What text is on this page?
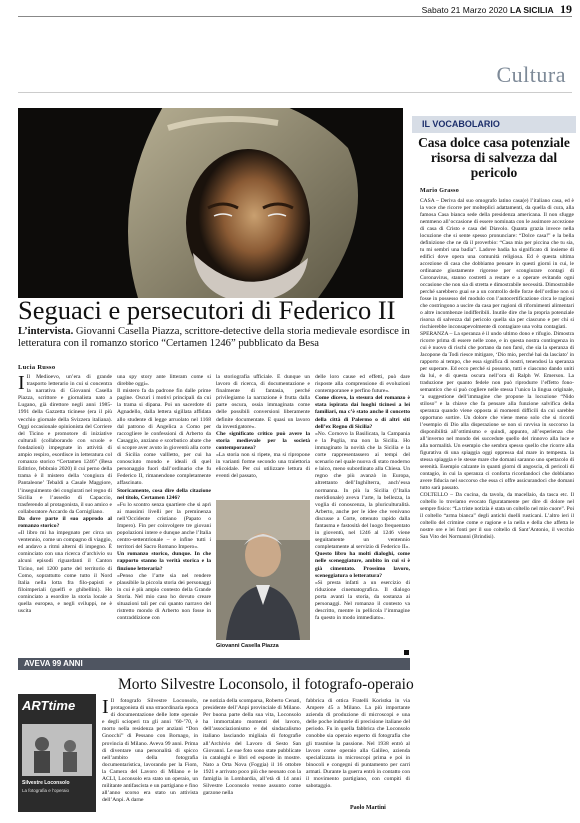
Sabato 21 Marzo 2020 LA SICILIA 19
Cultura
Seguaci e persecutori di Federico II
L’intervista. Giovanni Casella Piazza, scrittore-detective della storia medievale esordisce in letteratura con il romanzo storico “Certamen 1246” pubblicato da Besa
Lucia Russo

I Il Medioevo, un’era di grande trasporto letterario in cui si concentra la narrativa di Giovanni Casella Piazza, scrittore e giornalista nato a Lugano, già direttore negli anni 1985-1991 della Gazzetta ticinese (era il più vecchio giornale della Svizzera italiana). Oggi occasionale opinionista del Corriere del Ticino e promotore di iniziative culturali (collaborando con scuole e fondazioni) impegnate in attività di ampio respiro, esordisce in letteratura col romanzo storico “Certamen 1246” (Besa Editrice, febbraio 2020) il cui perno della trama è il mistero della ‘congiura di Pantaleone’ Tebaldi a Casale Maggiore, l’inseguimento dei congiurati nel regno di Sicilia e l’assedio di Capaccio, trasferendo al protagonista, il suo amico e collaboratore Accardo da Cornigliano.

Da dove parte il suo approdo al romanzo storico?

«Il libro mi ha impegnato per circa un ventennio, come un compagno di viaggio, ed andavo a ritmi alterni di impegno. È cominciato con una ricerca d’archivio su alcuni episodi riguardanti il Canton Ticino, nel 1200 parte del territorio di Como, soprattutto come tutto il Nord Italia nella lotta fra filo-papisti e filoimperiali (guelfi e ghibellini). Ho cominciato a esordire la storia locale a quella europea, e negli sviluppi, ne è uscita

una spy story ante litteram come si direbbe oggi».

Il mistero fa da padrone fin dalle prime pagine. Oscuri i motivi principali da cui la trama si dipana. Poi un sacerdote di Agnadello, dalla lettera sigillata affidata allo studente di legge arruolato nel 1168 dal patrono di Angelica a Como per raccogliere le confessioni di Arberto da Casaggio, anziano e scorbutico abate che si scopre aver avuto in gioventù alla corte di Sicilia come vallletto, per cui ha conosciuto mondo e ideali di quel personaggio fuori dall’ordinario che fu Federico II, rimanendone completamente affascinato.

Storicamente, cosa dire della citazione nel titolo, Certamen 1246?

«Fu lo scontro senza quartiere che si aprì ai massimi livelli per la preminenza nell’Occidente cristiano (Papato o Impero). Fin per coinvolgere tre giovani popolazioni intere e dunque anche l’Italia centro-settentrionale – e infine tutti i territori del Sacro Romano Impero».

Un romanzo storico, dunque. In che rapporto stanno la verità storica e la finzione letteraria?

«Penso che l’arte sia nel rendere plausibile la piccola storia dei personaggi in cui è più ampio contesto della Grande Storia. Nel mio caso ho dovuto creare situazioni tali per cui quanto narravo del ristretto mondo di Arberto non fosse in contraddizione con

la storiografia ufficiale. È dunque un lavoro di ricerca, di documentazione e finalmente di fantasia, perché privilegiamo la narrazione è frutta dalla parte oscura, ossia immaginata come delle possibili conversioni liberamente definite documentate. E quasi un lavoro da investigatore».

Che significato critico può avere la storia medievale per la società contemporanea?

«La storia non si ripete, ma si ripropone in varianti forme secondo una traiettoria elicoidale. Per cui utilizzare lettura di eventi del passato,

delle loro cause ed effetti, può dare risposte alla comprensione di evoluzioni contemporanee e perfino future».

Come dicevo, la stesura del romanzo è stata ispirata dai luoghi ticinesi a lei familiari, ma c’è stato anche il concetto della città di Palermo o di altri siti dell’ex Regno di Sicilia?

«No. Cornovo la Basilicata, la Campania e la Puglia, ma non la Sicilia. Ho immaginato la novità che la Sicilia e la corte rappresentassero ai tempi del scenario nel quale nuova di stato moderno e laico, meno subordinato alla Chiesa. Un regno che più avanzò in Europa, altrettanto dell’Inghilterra, anch’essa normanna. In più la Sicilia (l’Italia meridionale) aveva l’arte, la bellezza, la voglia di conoscenza, la pluriculturalità. Arberto, anche per le idee che venivano discusse a Corte, ottenuto rapido dalla fantasma e fastosità del luogo frequentato in gioventù, nel 1246 al 1246 viene seguitamente un ventennio completamente al servizio di Federico II».

Questo libro ha molti dialoghi, come nelle sceneggiature, ambito in cui si è già cimentato. Prossimo lavoro, sceneggiatura o letteratura?

«Si presta infatti a un esercizio di riduzione cinematografica. Il dialogo porta avanti la storia, da sostanza ai personaggi. Nel romanzo il contesto va descritto, mentre in pellicola l’immagine fa questo in modo immediato».

Giovanni Casella Piazza
IL VOCABOLARIO
Casa dolce casa potenziale risorsa di salvezza dal pericolo
Mario Grasso

CASA – Deriva dal suo omografo latino casa(e) l’italiano casa, ed è la voce che ricorre per molteplici adattamenti, da quella di cura, alla famosa Casa bianca sede della presidenza americana. Il non sfugge nemmeno all’occasione di essere nominata con le assimore accezione di casa di Cristo e casa del Diavolo. Quanta grazia invece nella locuzione che si sente spesso pronunciare: “Dolce casa!” e la bella definizione che ne dà il proverbio: “Casa mia per piccina che tu sia, tu mi sembri una badìa”. Ladove badia ha significato di insieme di edifici dove opera una comunità religiosa. Ed è questa ultima accezione di casa che dobbiamo pensare in questi giorni in cui, le ordinanze giustamente rigorose per scongiurare contagi di Coronavirus, stanno costretti a restare e a operare evitando ogni occasione che non sia di stretta e dimostrabile necessità. Dimostrabile perché sarebbero guai se a un controllo delle forze dell’ordine non si fosse in possesso del modulo con l’autocertificazione circa le ragioni che costringono a uscire da casa per ragioni di rifornimenti alimentari o altre incombenze indifferibili. Inutile dire che la propria potenziale risorsa di salvezza dal pericolo quella sia per ciascuno e per chi si rischierebbe inconsapevolmente di contagiare una volta contagiati.

SPERANZA – La speranza è il undo ultimo dono e rifugio. Dimostra ricorre prima di essere nelle zone, e in questa nostra contingenza in cui è nuovo di rischi che portano da non farsi, che sia la speranza di Jacopone da Todi riesce mitigare, ‘Dio mio, perché hai da lasciato’ in rapporto ai tempo, che essa significa di nostri, tenendosi la speranza per superare. Ed ecco perché si possono, tutti e ciascuno dando uniti da lui, e di questa oscura nell’ora di Ralph W. Emerson. La traduzione per quanto fedele non può riprodurre l’effetto fono-semantico che si può cogliere nelle stessa l’unico la lingua originale, ‘a suggestione dell’immagine che propone la locuzione “Nido stiloso” e la chiave che fa pensare alla funzione salvifica della speranza quando viene opposta ai momenti difficili da cui sarebbe opportuno sortire. Un dolore che viene meno solo che si ricordi l’esempio di Dio alla disperazione se non si ravvisa in soccorso la disponibilità all’ottimismo e quindi, appunto, all’esperienza che all’inverno nel mondo dei succedute quello del rinnovo alla luce e alla normalità. Un esempio che sembra spesso quello che ricorre alla figurativa di una spiaggia oggi oppressa dal mare in tempesta. la stessa spiaggia e le stesse mare che domani saranno uno spettacolo di serenità. Esempio calzante in quanti giorni di angoscia, di pericoli di contagio, in cui la speranza ci conforta ricordandoci che dobbiamo avere fiducia nel soccorso che essa ci offre assicurandoci che domani tutto sarà passato.

COLTELLO – Da cucina, da tavola, da macellaio, da tasca etc. Il coltello lo troviamo evocato figuratamente per dire di dolore nel sempre fisico: “La triste notizia è stata un coltello nel mio cuore”. Poi il coltello “arma bianca” degli antichi duelli rusticani. L’altro ieri il coltello del crimine come e ragione e la nella e della che affetta le nostre ore e lei fonti per il suo coltello di Sant’Antonio, il vecchio San Vito dei Normanni (Brindisi).

AVEVA 99 ANNI
Morto Silvestre Loconsolo, il fotografo-operaio
ARTtime
Silvestre Loconsolo
La fotografia e l’operaio

I Il fotografo Silvestre Loconsolo, protagonista di una straordinaria epoca di documentazione delle lotte operaie e degli scioperi tra gli anni ’60-’70, è morto nella residenza per anziani “Don Gnocchi” di Pessano con Bornago, in provincia di Milano. Aveva 99 anni. Prima di diventare una personalità di spicco nell’ambito della fotografia documentaristica, lavorando per la Fiom, la Camera del Lavoro di Milano e le ACLI, Loconsolo era stato un operaio, un militante antifascista e un partigiano e fino all’anno scorso era stato un attivista dell’Anpi. A darne

ne notizia della scomparsa, Roberto Cenati, presidente dell’Anpi provinciale di Milano. Per buona parte della sua vita, Loconsolo ha immortalato momenti del lavoro, dell’associazionismo e del sindacalismo italiano lasciando migliaia di fotografie all’Archivio del Lavoro di Sesto San Giovanni. Le sue foto sono state pubblicate in cataloghi e libri ed esposte in mostre. Nato a Orta Nova (Foggia) il 16 ottobre 1921 e arrivato poco più che neonato con la famiglia in Lombardia, all’età di 14 anni Silvestre Loconsolo venne assunto come garzone nella

fabbrica di ottica Fratelli Koristka in via Ampere 45 a Milano. La più importante azienda di produzione di microscopi e una delle poche industrie di precisione italiane del periodo. Fu in quella fabbrica che Loconsolo conobbe sia operaio esperto di fotografia che gli trasmise la passione. Nel 1938 entrò al lavoro come operaio alla Galileo, azienda specializzata in microscopi prima e poi in binocoli e congegni di puntamento per carri armati. Durante la guerra entrò in contatto con il movimento partigiano, con compiti di sabotaggio.

Paolo Martini
